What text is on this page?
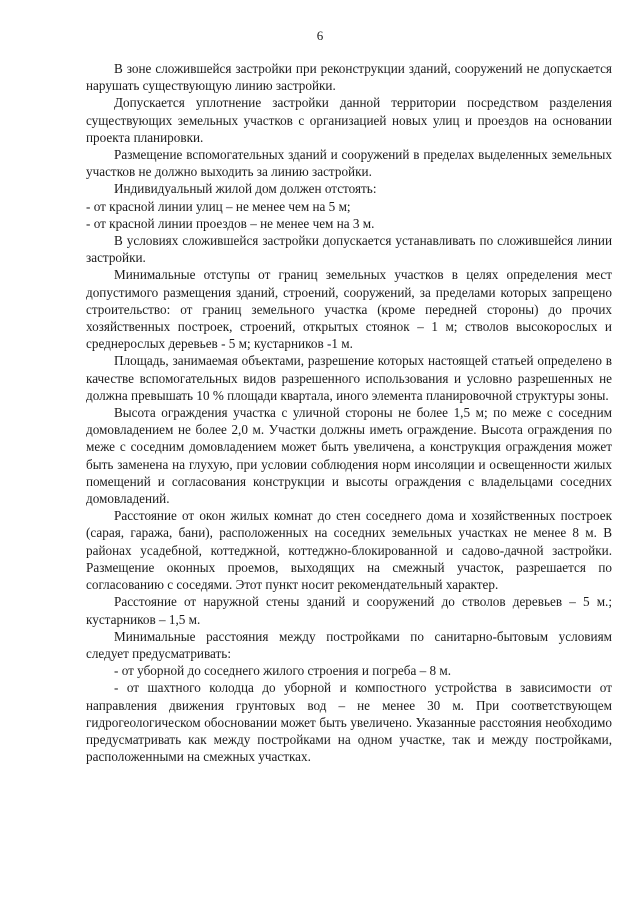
6

В зоне сложившейся застройки при реконструкции зданий, сооружений не допускается нарушать существующую линию застройки.

Допускается уплотнение застройки данной территории посредством разделения существующих земельных участков с организацией новых улиц и проездов на основании проекта планировки.

Размещение вспомогательных зданий и сооружений в пределах выделенных земельных участков не должно выходить за линию застройки.

Индивидуальный жилой дом должен отстоять:

- от красной линии улиц – не менее чем на 5 м;

- от красной линии проездов – не менее чем на 3 м.

В условиях сложившейся застройки допускается устанавливать по сложившейся линии застройки.

Минимальные отступы от границ земельных участков в целях определения мест допустимого размещения зданий, строений, сооружений, за пределами которых запрещено строительство: от границ земельного участка (кроме передней стороны) до прочих хозяйственных построек, строений, открытых стоянок – 1 м; стволов высокорослых и среднерослых деревьев - 5 м; кустарников -1 м.

Площадь, занимаемая объектами, разрешение которых настоящей статьей определено в качестве вспомогательных видов разрешенного использования и условно разрешенных не должна превышать 10 % площади квартала, иного элемента планировочной структуры зоны.

Высота ограждения участка с уличной стороны не более 1,5 м; по меже с соседним домовладением не более 2,0 м. Участки должны иметь ограждение. Высота ограждения по меже с соседним домовладением может быть увеличена, а конструкция ограждения может быть заменена на глухую, при условии соблюдения норм инсоляции и освещенности жилых помещений и согласования конструкции и высоты ограждения с владельцами соседних домовладений.

Расстояние от окон жилых комнат до стен соседнего дома и хозяйственных построек (сарая, гаража, бани), расположенных на соседних земельных участках не менее 8 м. В районах усадебной, коттеджной, коттеджно-блокированной и садово-дачной застройки. Размещение оконных проемов, выходящих на смежный участок, разрешается по согласованию с соседями. Этот пункт носит рекомендательный характер.

Расстояние от наружной стены зданий и сооружений до стволов деревьев – 5 м.; кустарников – 1,5 м.

Минимальные расстояния между постройками по санитарно-бытовым условиям следует предусматривать:

- от уборной до соседнего жилого строения и погреба – 8 м.

- от шахтного колодца до уборной и компостного устройства в зависимости от направления движения грунтовых вод – не менее 30 м. При соответствующем гидрогеологическом обосновании может быть увеличено. Указанные расстояния необходимо предусматривать как между постройками на одном участке, так и между постройками, расположенными на смежных участках.
